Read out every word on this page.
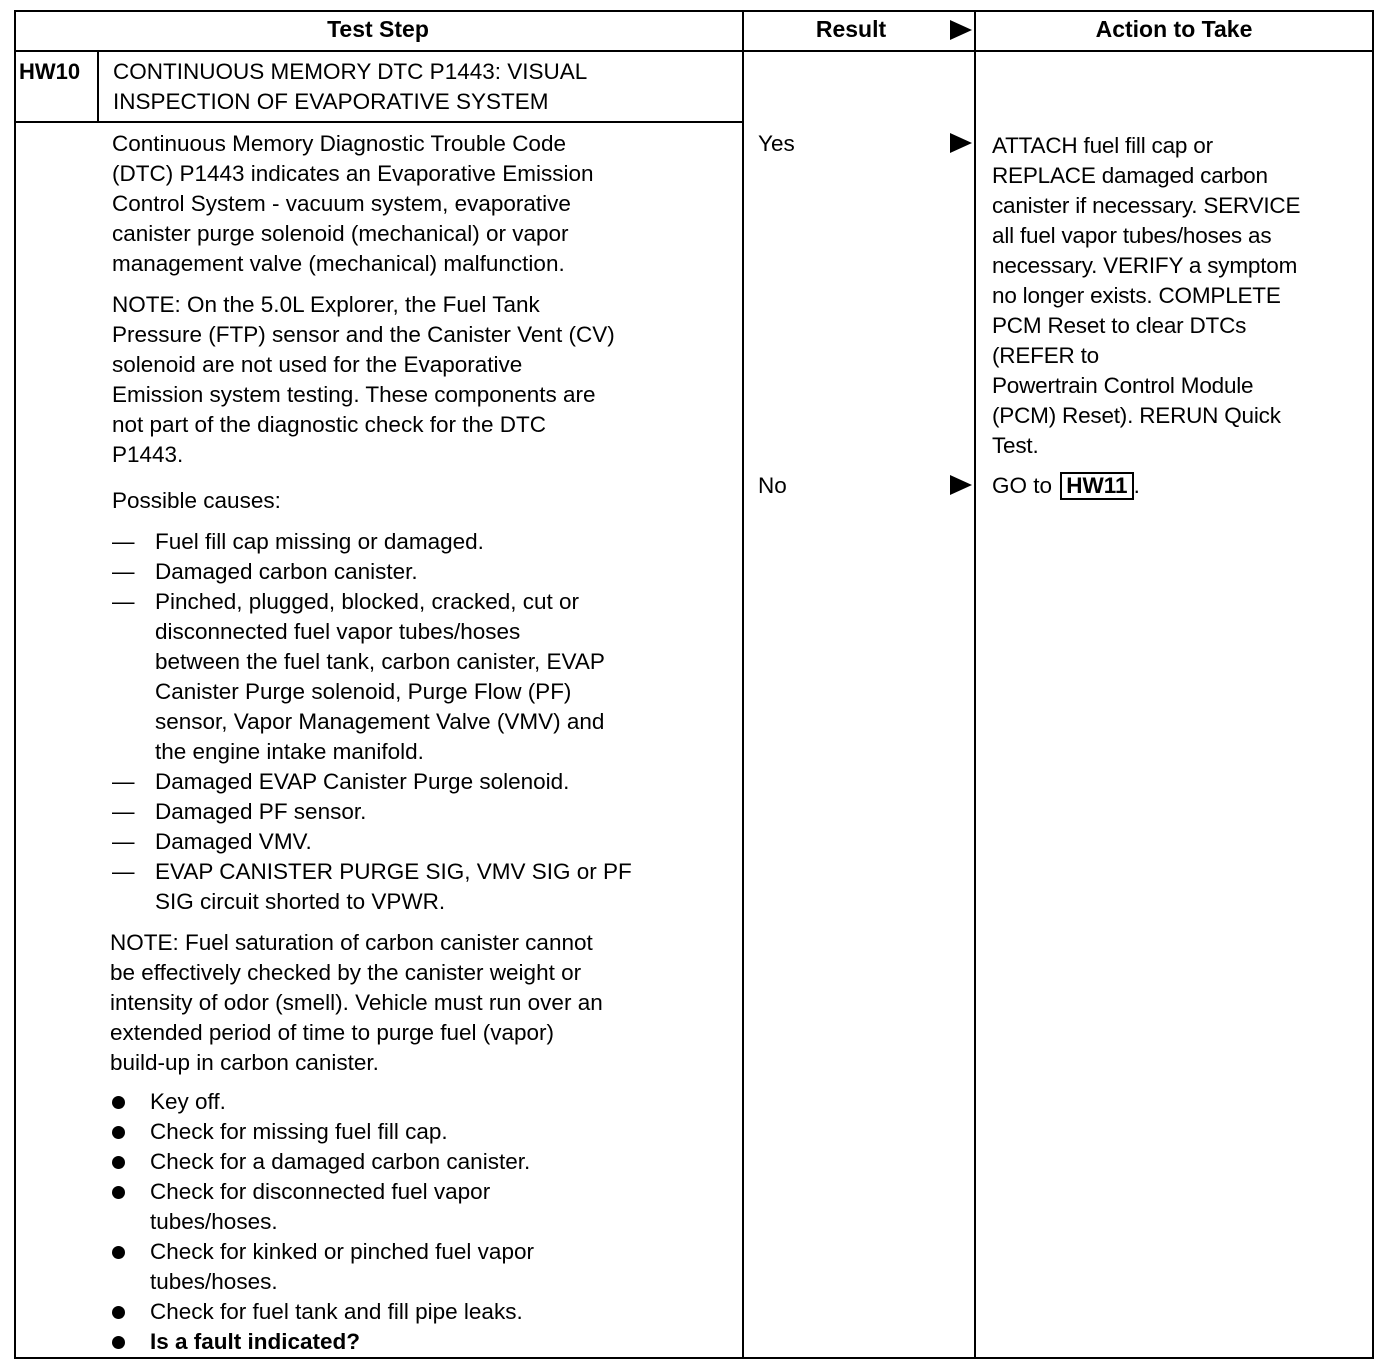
Test Step	Result	Action to Take
HW10 CONTINUOUS MEMORY DTC P1443: VISUAL
INSPECTION OF EVAPORATIVE SYSTEM
Continuous Memory Diagnostic Trouble Code
(DTC) P1443 indicates an Evaporative Emission
Control System - vacuum system, evaporative
canister purge solenoid (mechanical) or vapor
management valve (mechanical) malfunction.
NOTE: On the 5.0L Explorer, the Fuel Tank
Pressure (FTP) sensor and the Canister Vent (CV)
solenoid are not used for the Evaporative
Emission system testing. These components are
not part of the diagnostic check for the DTC
P1443.
Possible causes:
— Fuel fill cap missing or damaged.
— Damaged carbon canister.
— Pinched, plugged, blocked, cracked, cut or
disconnected fuel vapor tubes/hoses
between the fuel tank, carbon canister, EVAP
Canister Purge solenoid, Purge Flow (PF)
sensor, Vapor Management Valve (VMV) and
the engine intake manifold.
— Damaged EVAP Canister Purge solenoid.
— Damaged PF sensor.
— Damaged VMV.
— EVAP CANISTER PURGE SIG, VMV SIG or PF
SIG circuit shorted to VPWR.
NOTE: Fuel saturation of carbon canister cannot
be effectively checked by the canister weight or
intensity of odor (smell). Vehicle must run over an
extended period of time to purge fuel (vapor)
build-up in carbon canister.
Key off.
Check for missing fuel fill cap.
Check for a damaged carbon canister.
Check for disconnected fuel vapor
tubes/hoses.
Check for kinked or pinched fuel vapor
tubes/hoses.
Check for fuel tank and fill pipe leaks.
Is a fault indicated?
Yes	ATTACH fuel fill cap or
REPLACE damaged carbon
canister if necessary. SERVICE
all fuel vapor tubes/hoses as
necessary. VERIFY a symptom
no longer exists. COMPLETE
PCM Reset to clear DTCs
(REFER to
Powertrain Control Module
(PCM) Reset). RERUN Quick
Test.
No	GO to HW11 .
